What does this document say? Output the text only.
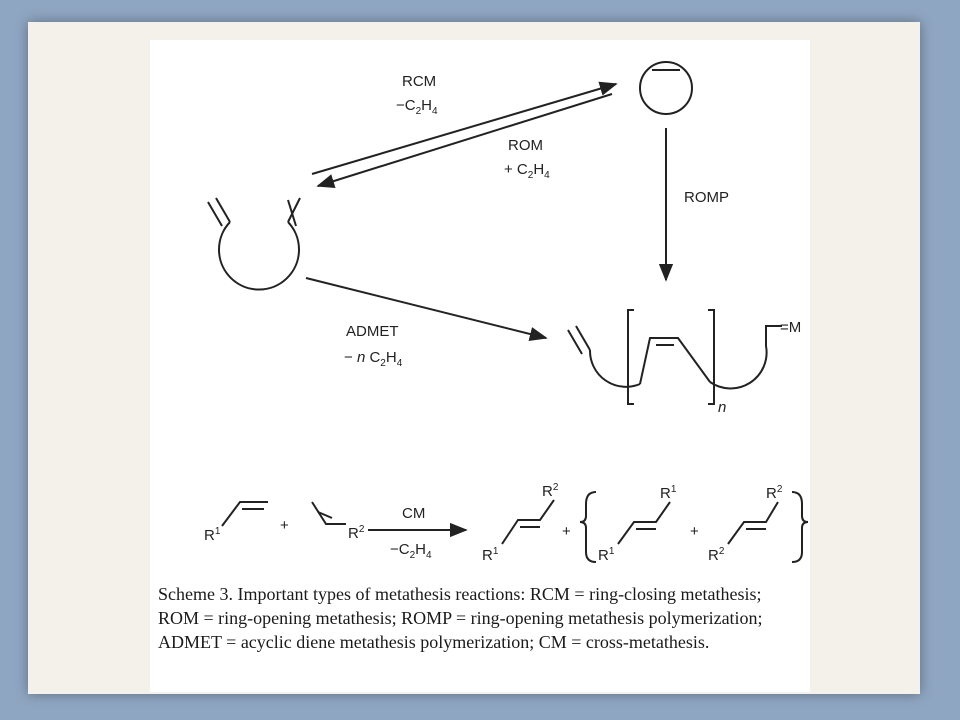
RCM
$-C_2H_4$
ROM
+ $C_2H_4$
ROMP
ADMET
− n $C_2H_4$
=M
n
$R^1$	+	$R^2$
CM
$-C_2H_4$	$R^1$
$R^2$
+
$R^1$
$R^1$
+
$R^2$
$R^2$

Scheme 3. Important types of metathesis reactions: RCM = ring-closing metathesis; ROM = ring-opening metathesis; ROMP = ring-opening metathesis polymerization; ADMET = acyclic diene metathesis polymerization; CM = cross-metathesis.
